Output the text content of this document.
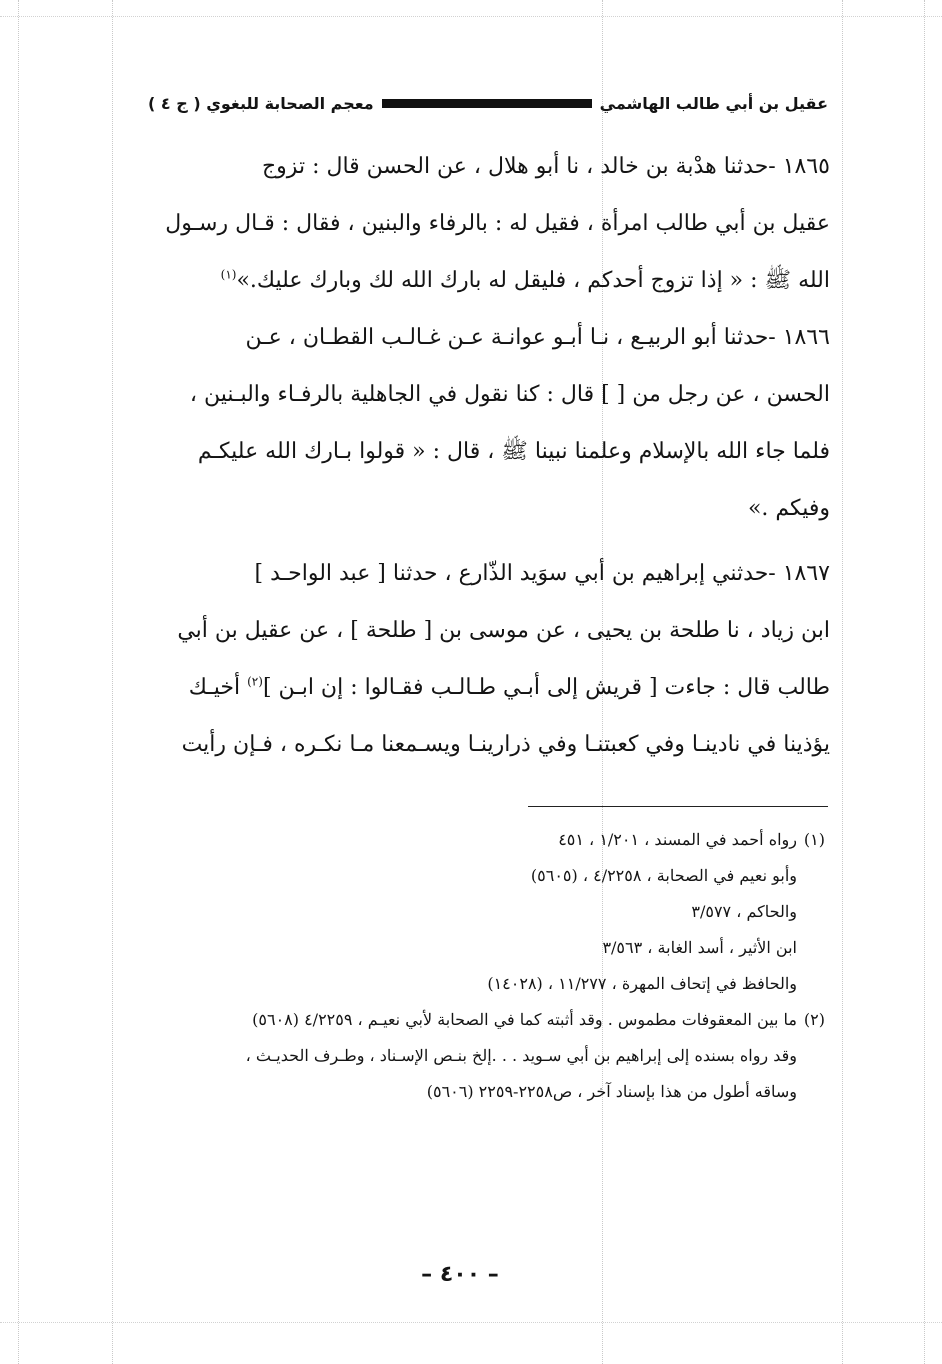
عقيل بن أبي طالب الهاشمي
معجم الصحابة للبغوي ( ج ٤ )

١٨٦٥ -حدثنا هدْبة بن خالد ، نا أبو هلال ، عن الحسن قال : تزوج
عقيل بن أبي طالب امرأة ، فقيل له : بالرفاء والبنين ، فقال : قـال رسـول
الله ﷺ : « إذا تزوج أحدكم ، فليقل له بارك الله لك وبارك عليك.»$^{(١)}$

١٨٦٦ -حدثنا أبو الربيـع ، نـا أبـو عوانـة عـن غـالـب القطـان ، عـن
الحسن ، عن رجل من [ ] قال : كنا نقول في الجاهلية بالرفـاء والبـنين ،
فلما جاء الله بالإسلام وعلمنا نبينا ﷺ ، قال : « قولوا بـارك الله عليكـم
وفيكم .»

١٨٦٧ -حدثني إبراهيم بن أبي سوَيد الذّارع ، حدثنا [ عبد الواحـد ]
ابن زياد ، نا طلحة بن يحيى ، عن موسى بن [ طلحة ] ، عن عقيل بن أبي
طالب قال : جاءت [ قريش إلى أبـي طـالـب فقـالوا : إن ابـن ]$^{(٢)}$ أخيـك
يؤذينا في نادينـا وفي كعبتنـا وفي ذرارينـا ويسـمعنا مـا نكـره ، فـإن رأيت

(١)
رواه أحمد في المسند ، ١/٢٠١ ، ٤٥١
وأبو نعيم في الصحابة ، ٤/٢٢٥٨ ، (٥٦٠٥)
والحاكم ، ٣/٥٧٧
ابن الأثير ، أسد الغابة ، ٣/٥٦٣
والحافظ في إتحاف المهرة ، ١١/٢٧٧ ، (١٤٠٢٨)
(٢)
ما بين المعقوفات مطموس . وقد أثبته كما في الصحابة لأبي نعيـم ، ٤/٢٢٥٩ (٥٦٠٨)
وقد رواه بسنده إلى إبراهيم بن أبي سـويد . . .إلخ بنـص الإسـناد ، وطـرف الحديـث ،
وساقه أطول من هذا بإسناد آخر ، ص٢٢٥٨-٢٢٥٩ (٥٦٠٦)
– ٤٠٠ –
